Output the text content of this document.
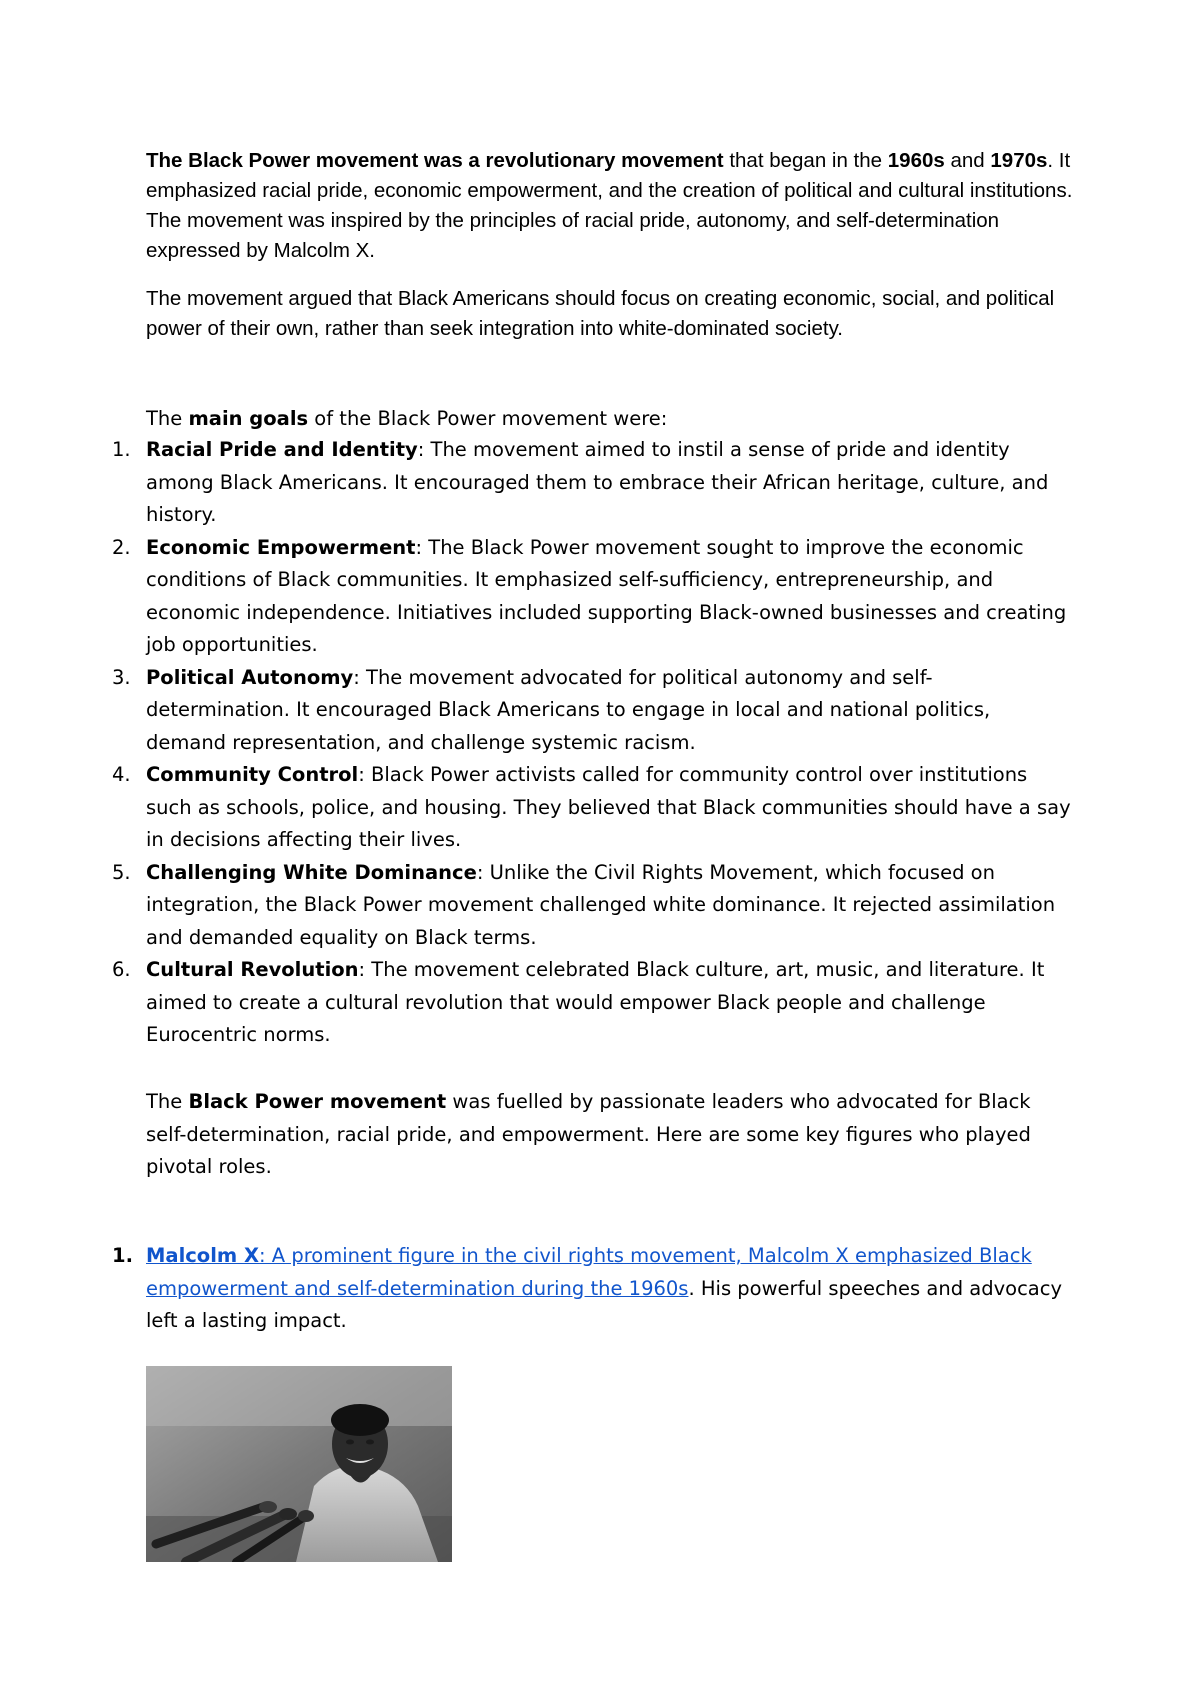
The Black Power movement was a revolutionary movement that began in the 1960s and 1970s. It emphasized racial pride, economic empowerment, and the creation of political and cultural institutions. The movement was inspired by the principles of racial pride, autonomy, and self-determination expressed by Malcolm X.

The movement argued that Black Americans should focus on creating economic, social, and political power of their own, rather than seek integration into white-dominated society.

The main goals of the Black Power movement were:

1. Racial Pride and Identity: The movement aimed to instil a sense of pride and identity among Black Americans. It encouraged them to embrace their African heritage, culture, and history.
2. Economic Empowerment: The Black Power movement sought to improve the economic conditions of Black communities. It emphasized self-sufficiency, entrepreneurship, and economic independence. Initiatives included supporting Black-owned businesses and creating job opportunities.
3. Political Autonomy: The movement advocated for political autonomy and self-determination. It encouraged Black Americans to engage in local and national politics, demand representation, and challenge systemic racism.
4. Community Control: Black Power activists called for community control over institutions such as schools, police, and housing. They believed that Black communities should have a say in decisions affecting their lives.
5. Challenging White Dominance: Unlike the Civil Rights Movement, which focused on integration, the Black Power movement challenged white dominance. It rejected assimilation and demanded equality on Black terms.
6. Cultural Revolution: The movement celebrated Black culture, art, music, and literature. It aimed to create a cultural revolution that would empower Black people and challenge Eurocentric norms.

The Black Power movement was fuelled by passionate leaders who advocated for Black self-determination, racial pride, and empowerment. Here are some key figures who played pivotal roles.

1. Malcolm X: A prominent figure in the civil rights movement, Malcolm X emphasized Black empowerment and self-determination during the 1960s. His powerful speeches and advocacy left a lasting impact.
